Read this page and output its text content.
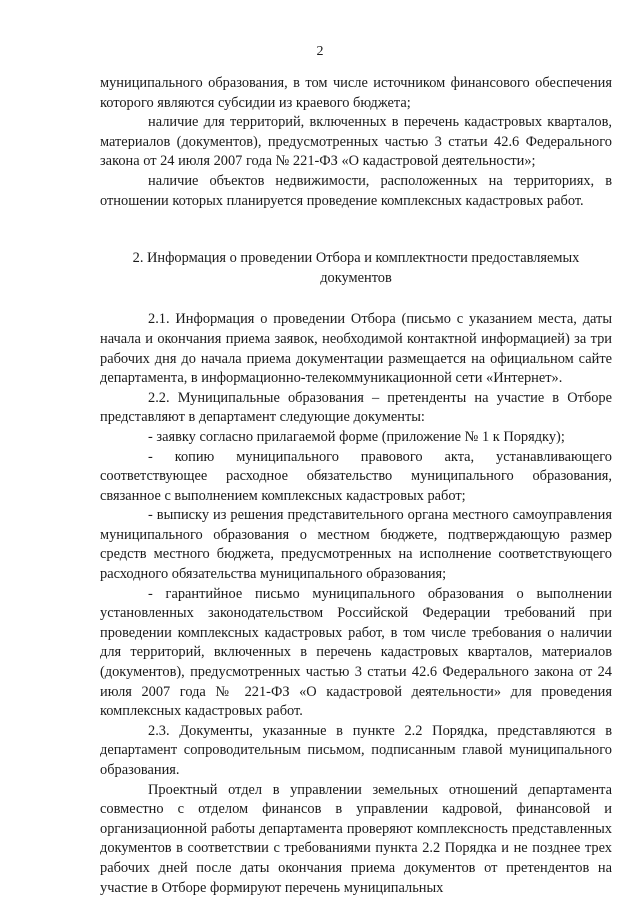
2

муниципального образования, в том числе источником финансового обеспечения которого являются субсидии из краевого бюджета;

наличие для территорий, включенных в перечень кадастровых кварталов, материалов (документов), предусмотренных частью 3 статьи 42.6 Федерального закона от 24 июля 2007 года № 221-ФЗ «О кадастровой деятельности»;

наличие объектов недвижимости, расположенных на территориях, в отношении которых планируется проведение комплексных кадастровых работ.

2. Информация о проведении Отбора и комплектности предоставляемых документов

2.1. Информация о проведении Отбора (письмо с указанием места, даты начала и окончания приема заявок, необходимой контактной информацией) за три рабочих дня до начала приема документации размещается на официальном сайте департамента, в информационно-телекоммуникационной сети «Интернет».

2.2. Муниципальные образования – претенденты на участие в Отборе представляют в департамент следующие документы:

- заявку согласно прилагаемой форме (приложение № 1 к Порядку);

- копию муниципального правового акта, устанавливающего соответствующее расходное обязательство муниципального образования, связанное с выполнением комплексных кадастровых работ;

- выписку из решения представительного органа местного самоуправления муниципального образования о местном бюджете, подтверждающую размер средств местного бюджета, предусмотренных на исполнение соответствующего расходного обязательства муниципального образования;

- гарантийное письмо муниципального образования о выполнении установленных законодательством Российской Федерации требований при проведении комплексных кадастровых работ, в том числе требования о наличии для территорий, включенных в перечень кадастровых кварталов, материалов (документов), предусмотренных частью 3 статьи 42.6 Федерального закона от 24 июля 2007 года № 221-ФЗ «О кадастровой деятельности» для проведения комплексных кадастровых работ.

2.3. Документы, указанные в пункте 2.2 Порядка, представляются в департамент сопроводительным письмом, подписанным главой муниципального образования.

Проектный отдел в управлении земельных отношений департамента совместно с отделом финансов в управлении кадровой, финансовой и организационной работы департамента проверяют комплексность представленных документов в соответствии с требованиями пункта 2.2 Порядка и не позднее трех рабочих дней после даты окончания приема документов от претендентов на участие в Отборе формируют перечень муниципальных
